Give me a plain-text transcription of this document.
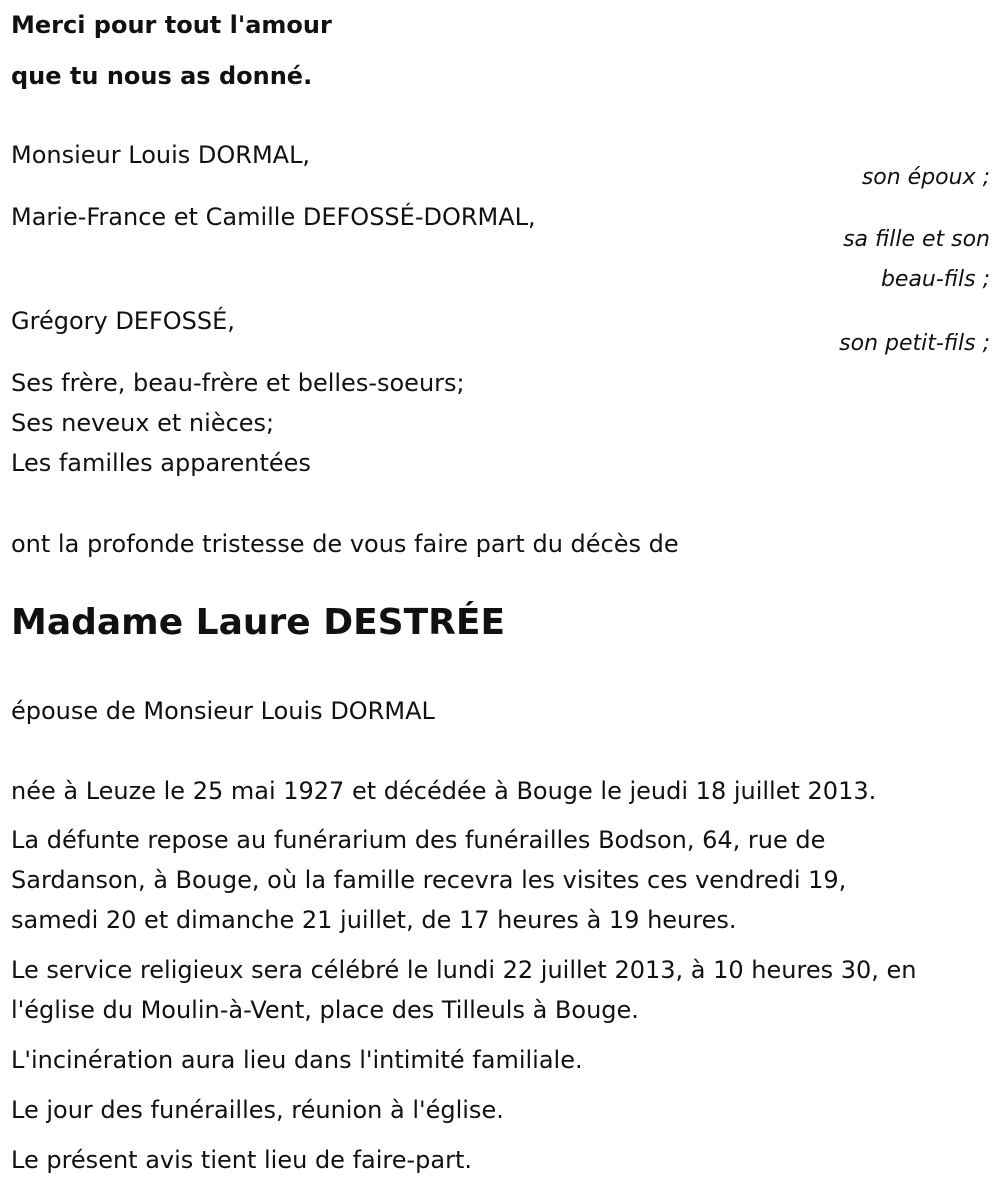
Merci pour tout l'amour
que tu nous as donné.
Monsieur Louis DORMAL,
son époux ;
Marie-France et Camille DEFOSSÉ-DORMAL,
sa fille et son
beau-fils ;
Grégory DEFOSSÉ,
son petit-fils ;
Ses frère, beau-frère et belles-soeurs;
Ses neveux et nièces;
Les familles apparentées
ont la profonde tristesse de vous faire part du décès de
Madame Laure DESTRÉE
épouse de Monsieur Louis DORMAL
née à Leuze le 25 mai 1927 et décédée à Bouge le jeudi 18 juillet 2013.
La défunte repose au funérarium des funérailles Bodson, 64, rue de
Sardanson, à Bouge, où la famille recevra les visites ces vendredi 19,
samedi 20 et dimanche 21 juillet, de 17 heures à 19 heures.
Le service religieux sera célébré le lundi 22 juillet 2013, à 10 heures 30, en
l'église du Moulin-à-Vent, place des Tilleuls à Bouge.
L'incinération aura lieu dans l'intimité familiale.
Le jour des funérailles, réunion à l'église.
Le présent avis tient lieu de faire-part.
